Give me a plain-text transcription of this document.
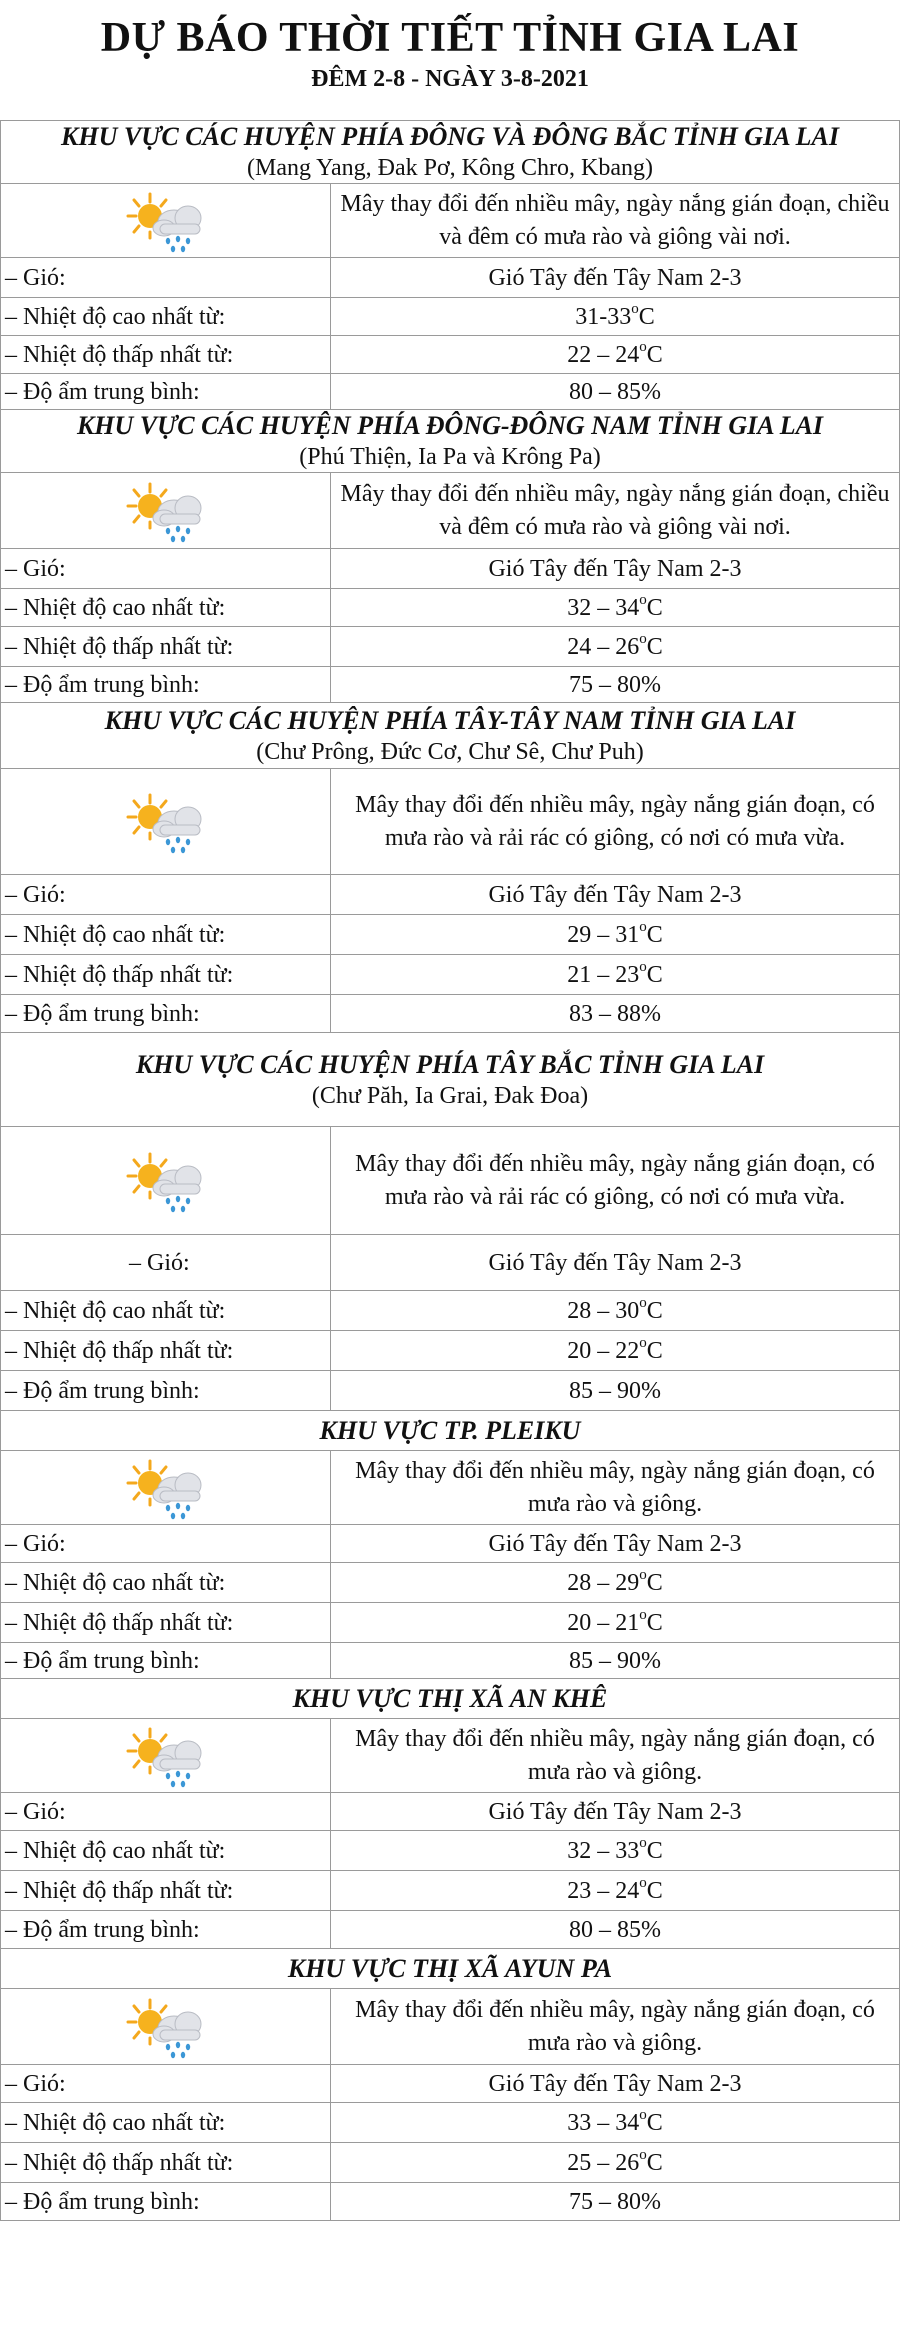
DỰ BÁO THỜI TIẾT TỈNH GIA LAI
ĐÊM 2-8 - NGÀY 3-8-2021
KHU VỰC CÁC HUYỆN PHÍA ĐÔNG VÀ ĐÔNG BẮC TỈNH GIA LAI
(Mang Yang, Đak Pơ, Kông Chro, Kbang)	

	Mây thay đổi đến nhiều mây, ngày nắng gián đoạn, chiều và đêm có mưa rào và giông vài nơi.
– Gió:	Gió Tây đến Tây Nam 2-3
– Nhiệt độ cao nhất từ:	31-33$^o$C
– Nhiệt độ thấp nhất từ:	22 – 24$^o$C
– Độ ẩm trung bình:	80 – 85%

KHU VỰC CÁC HUYỆN PHÍA ĐÔNG-ĐÔNG NAM TỈNH GIA LAI
(Phú Thiện, Ia Pa và Krông Pa)	

	Mây thay đổi đến nhiều mây, ngày nắng gián đoạn, chiều và đêm có mưa rào và giông vài nơi.
– Gió:	Gió Tây đến Tây Nam 2-3
– Nhiệt độ cao nhất từ:	32 – 34$^o$C
– Nhiệt độ thấp nhất từ:	24 – 26$^o$C
– Độ ẩm trung bình:	75 – 80%

KHU VỰC CÁC HUYỆN PHÍA TÂY-TÂY NAM TỈNH GIA LAI
(Chư Prông, Đức Cơ, Chư Sê, Chư Puh)	

	Mây thay đổi đến nhiều mây, ngày nắng gián đoạn, có mưa rào và rải rác có giông, có nơi có mưa vừa.
– Gió:	Gió Tây đến Tây Nam 2-3
– Nhiệt độ cao nhất từ:	29 – 31$^o$C
– Nhiệt độ thấp nhất từ:	21 – 23$^o$C
– Độ ẩm trung bình:	83 – 88%

KHU VỰC CÁC HUYỆN PHÍA TÂY BẮC TỈNH GIA LAI
(Chư Păh, Ia Grai, Đak Đoa)	

	Mây thay đổi đến nhiều mây, ngày nắng gián đoạn, có mưa rào và rải rác có giông, có nơi có mưa vừa.
– Gió:	Gió Tây đến Tây Nam 2-3
– Nhiệt độ cao nhất từ:	28 – 30$^o$C
– Nhiệt độ thấp nhất từ:	20 – 22$^o$C
– Độ ẩm trung bình:	85 – 90%

KHU VỰC TP. PLEIKU	

	Mây thay đổi đến nhiều mây, ngày nắng gián đoạn, có mưa rào và giông.
– Gió:	Gió Tây đến Tây Nam 2-3
– Nhiệt độ cao nhất từ:	28 – 29$^o$C
– Nhiệt độ thấp nhất từ:	20 – 21$^o$C
– Độ ẩm trung bình:	85 – 90%

KHU VỰC THỊ XÃ AN KHÊ	

	Mây thay đổi đến nhiều mây, ngày nắng gián đoạn, có mưa rào và giông.
– Gió:	Gió Tây đến Tây Nam 2-3
– Nhiệt độ cao nhất từ:	32 – 33$^o$C
– Nhiệt độ thấp nhất từ:	23 – 24$^o$C
– Độ ẩm trung bình:	80 – 85%

KHU VỰC THỊ XÃ AYUN PA	

	Mây thay đổi đến nhiều mây, ngày nắng gián đoạn, có mưa rào và giông.
– Gió:	Gió Tây đến Tây Nam 2-3
– Nhiệt độ cao nhất từ:	33 – 34$^o$C
– Nhiệt độ thấp nhất từ:	25 – 26$^o$C
– Độ ẩm trung bình:	75 – 80%
